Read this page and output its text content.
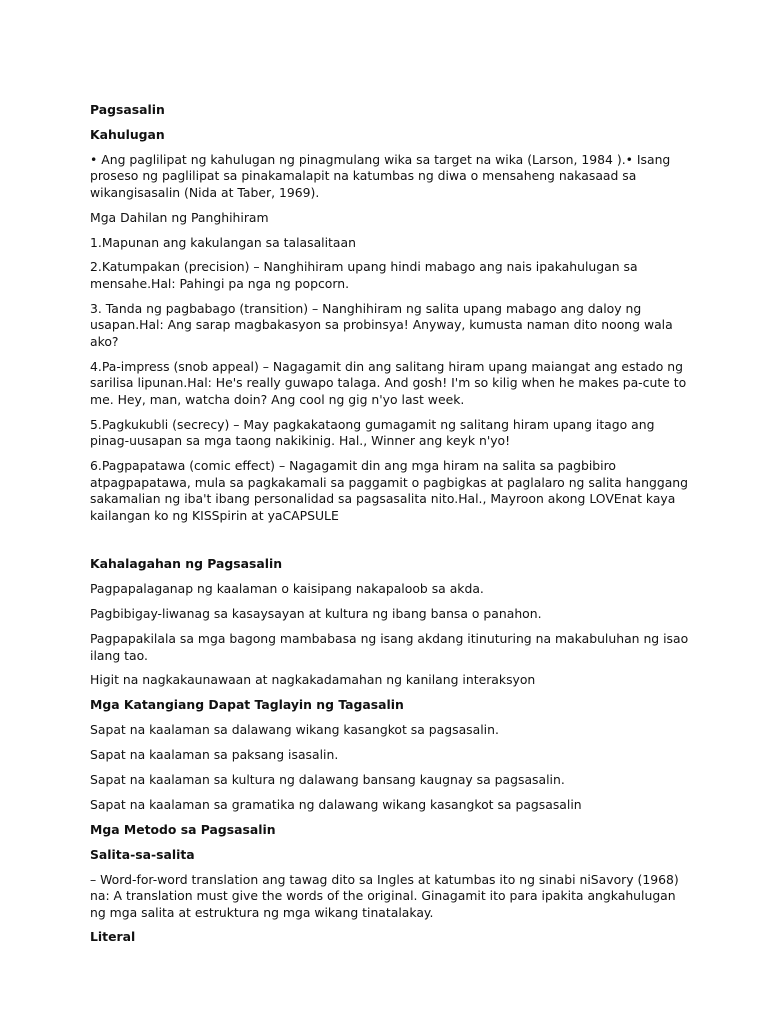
Pagsasalin

Kahulugan

• Ang paglilipat ng kahulugan ng pinagmulang wika sa target na wika (Larson, 1984 ).• Isang proseso ng paglilipat sa pinakamalapit na katumbas ng diwa o mensaheng nakasaad sa wikangisasalin (Nida at Taber, 1969).

Mga Dahilan ng Panghihiram

1.Mapunan ang kakulangan sa talasalitaan

2.Katumpakan (precision) – Nanghihiram upang hindi mabago ang nais ipakahulugan sa mensahe.Hal: Pahingi pa nga ng popcorn.

3. Tanda ng pagbabago (transition) – Nanghihiram ng salita upang mabago ang daloy ng usapan.Hal: Ang sarap magbakasyon sa probinsya! Anyway, kumusta naman dito noong wala ako?

4.Pa-impress (snob appeal) – Nagagamit din ang salitang hiram upang maiangat ang estado ng sarilisa lipunan.Hal: He's really guwapo talaga. And gosh! I'm so kilig when he makes pa-cute to me. Hey, man, watcha doin? Ang cool ng gig n'yo last week.

5.Pagkukubli (secrecy) – May pagkakataong gumagamit ng salitang hiram upang itago ang pinag-uusapan sa mga taong nakikinig. Hal., Winner ang keyk n'yo!

6.Pagpapatawa (comic effect) – Nagagamit din ang mga hiram na salita sa pagbibiro atpagpapatawa, mula sa pagkakamali sa paggamit o pagbigkas at paglalaro ng salita hanggang sakamalian ng iba't ibang personalidad sa pagsasalita nito.Hal., Mayroon akong LOVEnat kaya kailangan ko ng KISSpirin at yaCAPSULE

Kahalagahan ng Pagsasalin

Pagpapalaganap ng kaalaman o kaisipang nakapaloob sa akda.

Pagbibigay-liwanag sa kasaysayan at kultura ng ibang bansa o panahon.

Pagpapakilala sa mga bagong mambabasa ng isang akdang itinuturing na makabuluhan ng isao ilang tao.

Higit na nagkakaunawaan at nagkakadamahan ng kanilang interaksyon

Mga Katangiang Dapat Taglayin ng Tagasalin

Sapat na kaalaman sa dalawang wikang kasangkot sa pagsasalin.

Sapat na kaalaman sa paksang isasalin.

Sapat na kaalaman sa kultura ng dalawang bansang kaugnay sa pagsasalin.

Sapat na kaalaman sa gramatika ng dalawang wikang kasangkot sa pagsasalin

Mga Metodo sa Pagsasalin

Salita-sa-salita

– Word-for-word translation ang tawag dito sa Ingles at katumbas ito ng sinabi niSavory (1968) na: A translation must give the words of the original. Ginagamit ito para ipakita angkahulugan ng mga salita at estruktura ng mga wikang tinatalakay.

Literal
